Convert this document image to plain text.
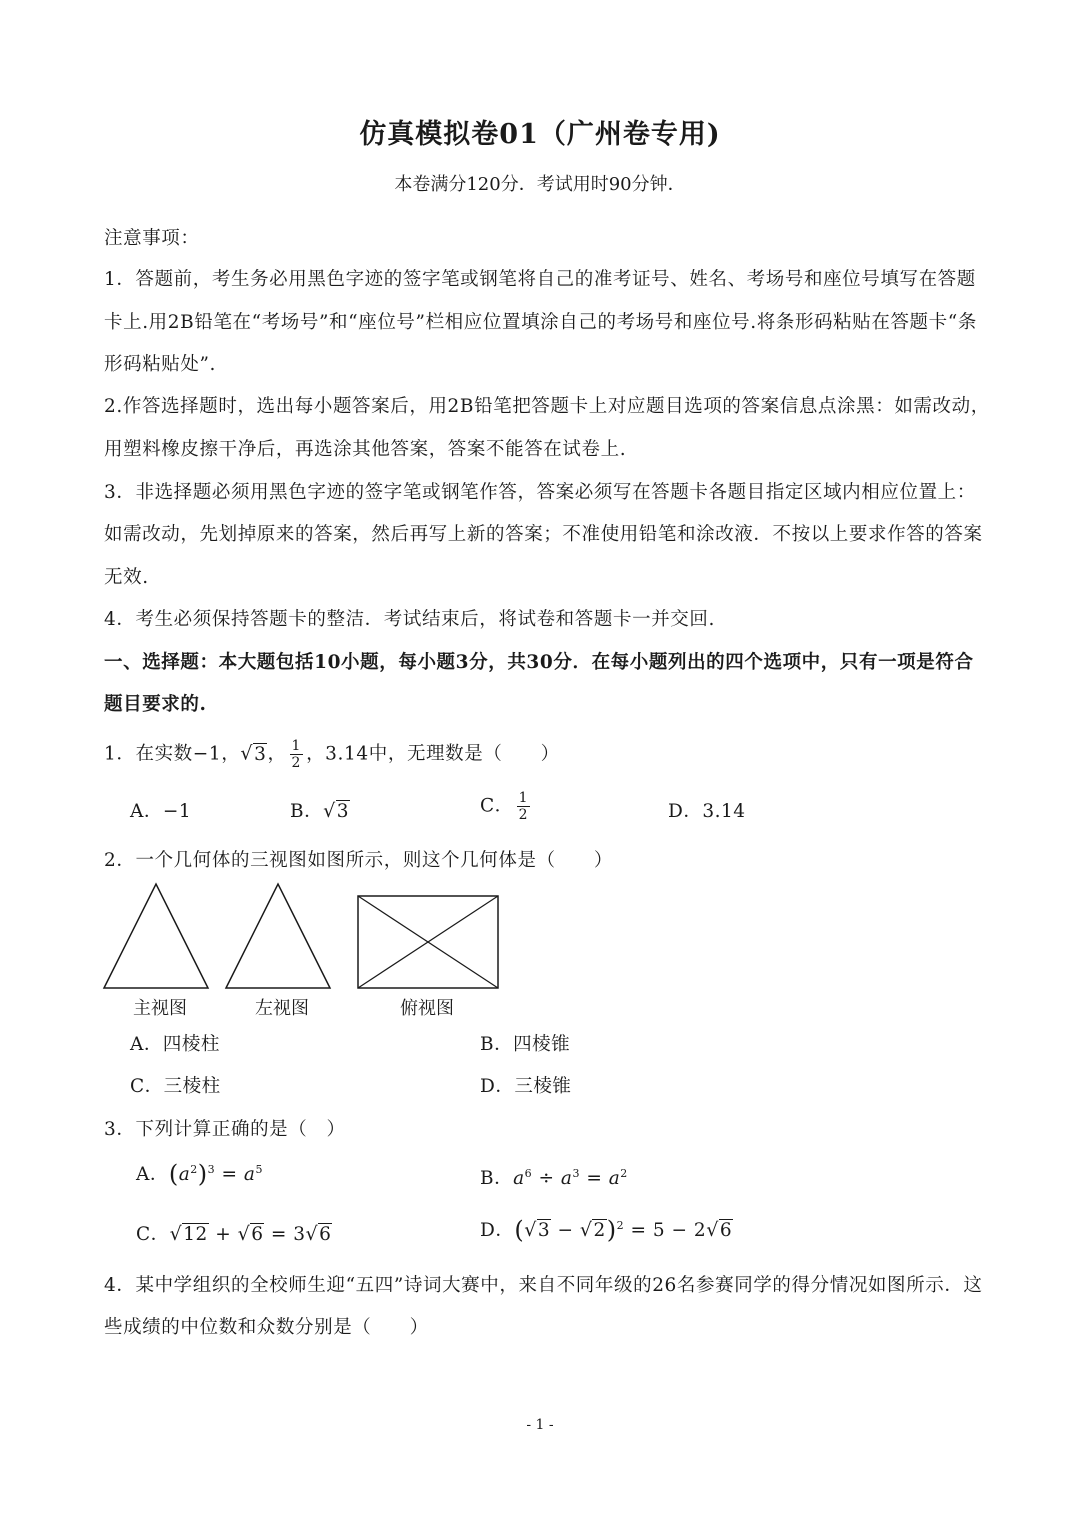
仿真模拟卷01（广州卷专用)
本卷满分120分．考试用时90分钟．
注意事项：
1．答题前，考生务必用黑色字迹的签字笔或钢笔将自己的准考证号、姓名、考场号和座位号填写在答题
卡上.用2B铅笔在“考场号”和“座位号”栏相应位置填涂自己的考场号和座位号.将条形码粘贴在答题卡“条
形码粘贴处”.
2.作答选择题时，选出每小题答案后，用2B铅笔把答题卡上对应题目选项的答案信息点涂黑：如需改动，
用塑料橡皮擦干净后，再选涂其他答案，答案不能答在试卷上.
3．非选择题必须用黑色字迹的签字笔或钢笔作答，答案必须写在答题卡各题目指定区域内相应位置上：
如需改动，先划掉原来的答案，然后再写上新的答案；不准使用铅笔和涂改液．不按以上要求作答的答案
无效.
4．考生必须保持答题卡的整洁．考试结束后，将试卷和答题卡一并交回.
一、选择题：本大题包括10小题，每小题3分，共30分．在每小题列出的四个选项中，只有一项是符合
题目要求的.
1．在实数−1，√3， $\frac{1}{2}$ ，3.14中，无理数是（　　）
A．−1	B．√3	C． $\frac{1}{2}$	D．3.14
2．一个几何体的三视图如图所示，则这个几何体是（　　）
主视图	左视图	俯视图
A．四棱柱	B．四棱锥
C．三棱柱	D．三棱锥
3．下列计算正确的是（　）
A．$(a^2)^3 = a^5$	B．$a^6 \div a^3 = a^2$
C．√12 + √6 = 3√6	D．$(√3 - √2)^2 = 5 - 2√6$
4．某中学组织的全校师生迎“五四”诗词大赛中，来自不同年级的26名参赛同学的得分情况如图所示．这
些成绩的中位数和众数分别是（　　）
- 1 -
